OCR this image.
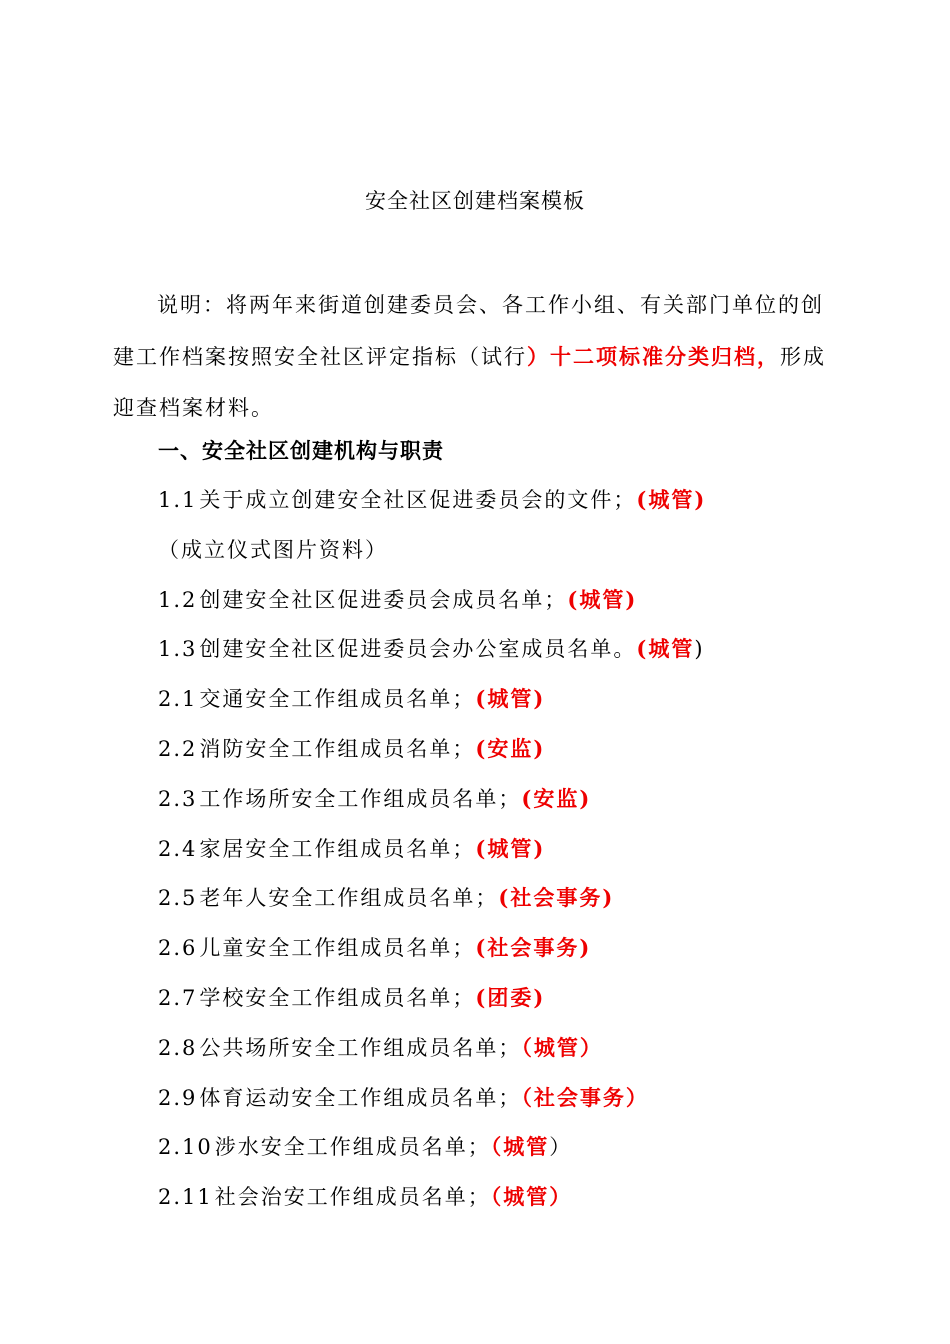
安全社区创建档案模板
说明：将两年来街道创建委员会、各工作小组、有关部门单位的创建工作档案按照安全社区评定指标（试行）十二项标准分类归档，形成迎查档案材料。
一、安全社区创建机构与职责
1.1关于成立创建安全社区促进委员会的文件；(城管)
（成立仪式图片资料）
1.2创建安全社区促进委员会成员名单；(城管)
1.3创建安全社区促进委员会办公室成员名单。(城管)
2.1交通安全工作组成员名单；(城管)
2.2消防安全工作组成员名单；(安监)
2.3工作场所安全工作组成员名单；(安监)
2.4家居安全工作组成员名单；(城管)
2.5老年人安全工作组成员名单；(社会事务)
2.6儿童安全工作组成员名单；(社会事务)
2.7学校安全工作组成员名单；(团委)
2.8公共场所安全工作组成员名单；（城管）
2.9体育运动安全工作组成员名单；（社会事务）
2.10涉水安全工作组成员名单；（城管）
2.11社会治安工作组成员名单；（城管）
